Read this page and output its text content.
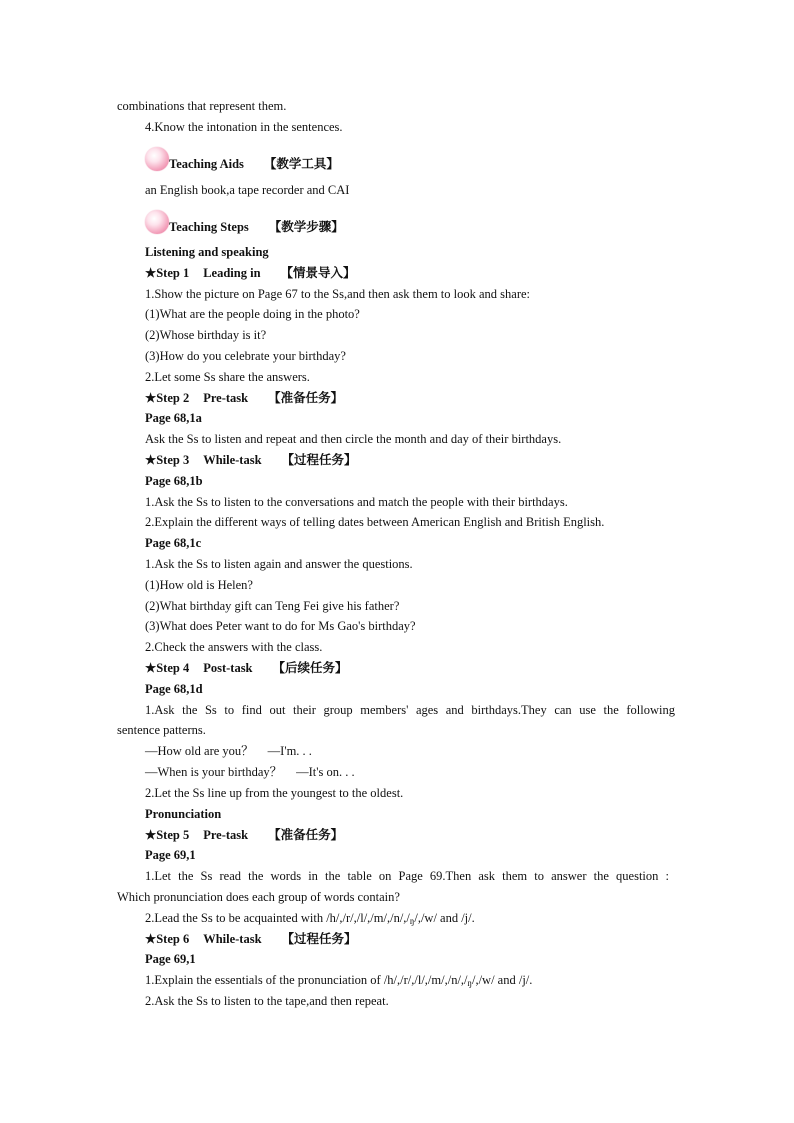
combinations that represent them.
4.Know the intonation in the sentences.
Teaching Aids 【教学工具】
an English book,a tape recorder and CAI
Teaching Steps 【教学步骤】
Listening and speaking
★Step 1 Leading in 【情景导入】
1.Show the picture on Page 67 to the Ss,and then ask them to look and share:
(1)What are the people doing in the photo?
(2)Whose birthday is it?
(3)How do you celebrate your birthday?
2.Let some Ss share the answers.
★Step 2 Pre-task 【准备任务】
Page 68,1a
Ask the Ss to listen and repeat and then circle the month and day of their birthdays.
★Step 3 While-task 【过程任务】
Page 68,1b
1.Ask the Ss to listen to the conversations and match the people with their birthdays.
2.Explain the different ways of telling dates between American English and British English.
Page 68,1c
1.Ask the Ss to listen again and answer the questions.
(1)How old is Helen?
(2)What birthday gift can Teng Fei give his father?
(3)What does Peter want to do for Ms Gao's birthday?
2.Check the answers with the class.
★Step 4 Post-task 【后续任务】
Page 68,1d
1.Ask the Ss to find out their group members' ages and birthdays.They can use the following
sentence patterns.
—How old are you？ —I'm. . .
—When is your birthday？ —It's on. . .
2.Let the Ss line up from the youngest to the oldest.
Pronunciation
★Step 5 Pre-task 【准备任务】
Page 69,1
1.Let the Ss read the words in the table on Page 69.Then ask them to answer the question :
Which pronunciation does each group of words contain?
2.Lead the Ss to be acquainted with /h/,/r/,/l/,/m/,/n/,/ŋ/,/w/ and /j/.
★Step 6 While-task 【过程任务】
Page 69,1
1.Explain the essentials of the pronunciation of /h/,/r/,/l/,/m/,/n/,/ŋ/,/w/ and /j/.
2.Ask the Ss to listen to the tape,and then repeat.
